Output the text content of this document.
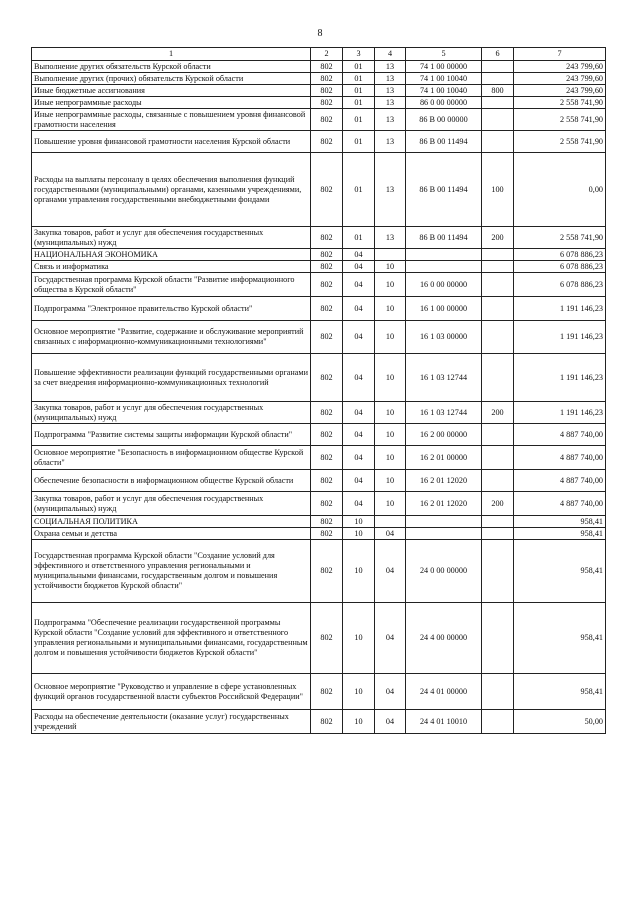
8
1	2	3	4	5	6	7
Выполнение других обязательств Курской области	802	01	13	74 1 00 00000		243 799,60
Выполнение других (прочих) обязательств Курской области	802	01	13	74 1 00 10040		243 799,60
Иные бюджетные ассигнования	802	01	13	74 1 00 10040	800	243 799,60
Иные непрограммные расходы	802	01	13	86 0 00 00000		2 558 741,90
Иные непрограммные расходы, связанные с повышением уровня финансовой грамотности населения	802	01	13	86 В 00 00000		2 558 741,90
Повышение уровня финансовой грамотности населения Курской области	802	01	13	86 В 00 11494		2 558 741,90
Расходы на выплаты персоналу в целях обеспечения выполнения функций государственными (муниципальными) органами, казенными учреждениями, органами управления государственными внебюджетными фондами	802	01	13	86 В 00 11494	100	0,00
Закупка товаров, работ и услуг для обеспечения государственных (муниципальных) нужд	802	01	13	86 В 00 11494	200	2 558 741,90
НАЦИОНАЛЬНАЯ ЭКОНОМИКА	802	04				6 078 886,23
Связь и информатика	802	04	10			6 078 886,23
Государственная программа Курской области "Развитие информационного общества в Курской области"	802	04	10	16 0 00 00000		6 078 886,23
Подпрограмма "Электронное правительство Курской области"	802	04	10	16 1 00 00000		1 191 146,23
Основное мероприятие "Развитие, содержание и обслуживание мероприятий связанных с информационно-коммуникационными технологиями"	802	04	10	16 1 03 00000		1 191 146,23
Повышение эффективности реализации функций государственными органами за счет внедрения информационно-коммуникационных технологий	802	04	10	16 1 03 12744		1 191 146,23
Закупка товаров, работ и услуг для обеспечения государственных (муниципальных) нужд	802	04	10	16 1 03 12744	200	1 191 146,23
Подпрограмма "Развитие системы защиты информации Курской области"	802	04	10	16 2 00 00000		4 887 740,00
Основное мероприятие "Безопасность в информационном обществе Курской области"	802	04	10	16 2 01 00000		4 887 740,00
Обеспечение безопасности в информационном обществе Курской области	802	04	10	16 2 01 12020		4 887 740,00
Закупка товаров, работ и услуг для обеспечения государственных (муниципальных) нужд	802	04	10	16 2 01 12020	200	4 887 740,00
СОЦИАЛЬНАЯ ПОЛИТИКА	802	10				958,41
Охрана семьи и детства	802	10	04			958,41
Государственная программа Курской области "Создание условий для эффективного и ответственного управления региональными и муниципальными финансами, государственным долгом и повышения устойчивости бюджетов Курской области"	802	10	04	24 0 00 00000		958,41
Подпрограмма "Обеспечение реализации государственной программы Курской области "Создание условий для эффективного и ответственного управления региональными и муниципальными финансами, государственным долгом и повышения устойчивости бюджетов Курской области"	802	10	04	24 4 00 00000		958,41
Основное мероприятие "Руководство и управление в сфере установленных функций органов государственной власти субъектов Российской Федерации"	802	10	04	24 4 01 00000		958,41
Расходы на обеспечение деятельности (оказание услуг) государственных учреждений	802	10	04	24 4 01 10010		50,00
